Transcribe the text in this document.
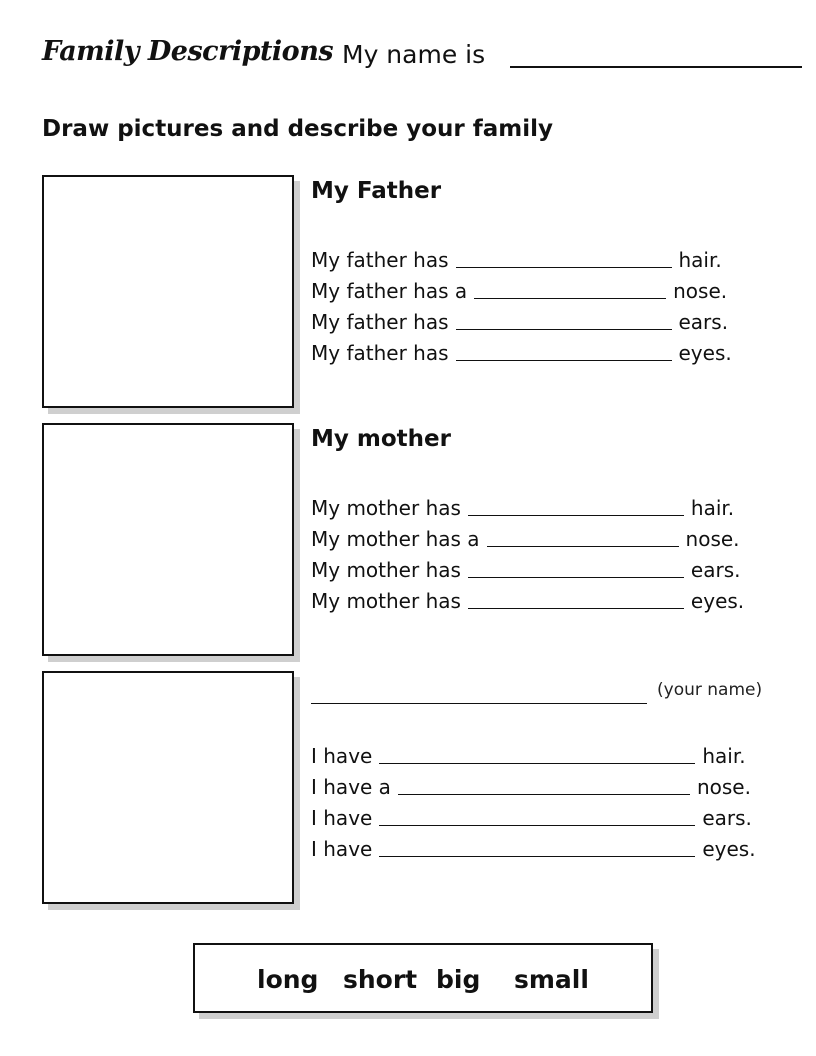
Family Descriptions My name is
Draw pictures and describe your family
My Father
My father has	hair.
My father has a	nose.
My father has	ears.
My father has	eyes.
My mother
My mother has	hair.
My mother has a	nose.
My mother has	ears.
My mother has	eyes.
(your name)
I have	hair.
I have a	nose.
I have	ears.
I have	eyes.
long short big small
